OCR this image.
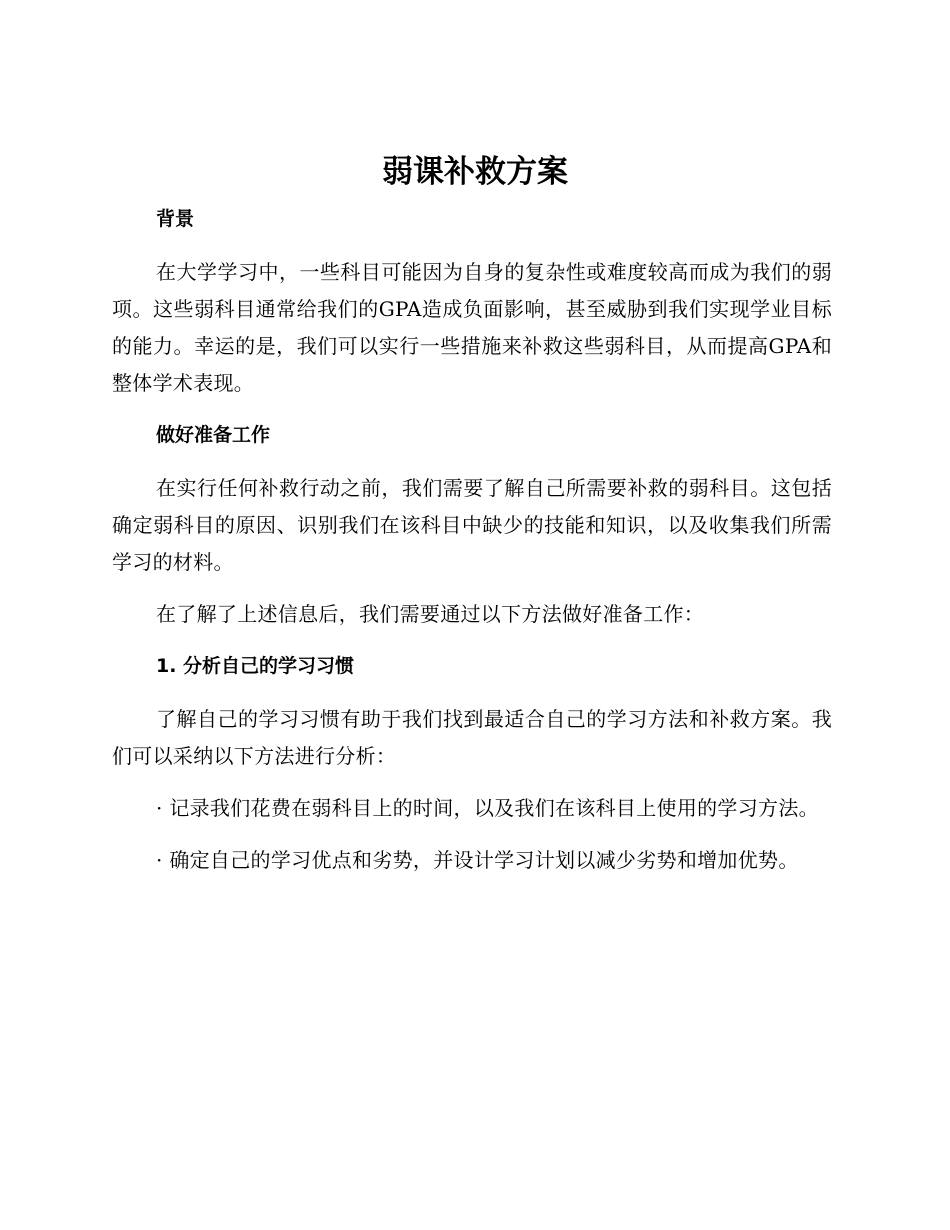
弱课补救方案

背景

在大学学习中，一些科目可能因为自身的复杂性或难度较高而成为我们的弱项。这些弱科目通常给我们的GPA造成负面影响，甚至威胁到我们实现学业目标的能力。幸运的是，我们可以实行一些措施来补救这些弱科目，从而提高GPA和整体学术表现。

做好准备工作

在实行任何补救行动之前，我们需要了解自己所需要补救的弱科目。这包括确定弱科目的原因、识别我们在该科目中缺少的技能和知识，以及收集我们所需学习的材料。

在了解了上述信息后，我们需要通过以下方法做好准备工作：

1. 分析自己的学习习惯

了解自己的学习习惯有助于我们找到最适合自己的学习方法和补救方案。我们可以采纳以下方法进行分析：

· 记录我们花费在弱科目上的时间，以及我们在该科目上使用的学习方法。

· 确定自己的学习优点和劣势，并设计学习计划以减少劣势和增加优势。
